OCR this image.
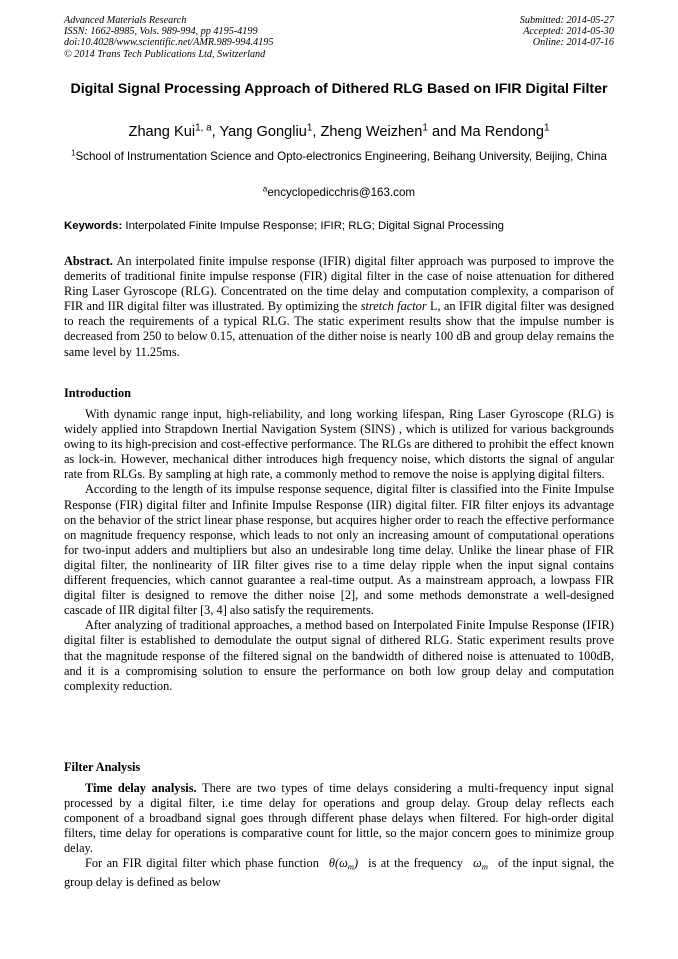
Advanced Materials Research
ISSN: 1662-8985, Vols. 989-994, pp 4195-4199
doi:10.4028/www.scientific.net/AMR.989-994.4195
© 2014 Trans Tech Publications Ltd, Switzerland
Submitted: 2014-05-27
Accepted: 2014-05-30
Online: 2014-07-16
Digital Signal Processing Approach of Dithered RLG Based on IFIR Digital Filter
Zhang Kui$^{1, a}$, Yang Gongliu$^1$, Zheng Weizhen$^1$ and Ma Rendong$^1$
$^1$School of Instrumentation Science and Opto-electronics Engineering, Beihang University, Beijing, China
$^a$encyclopedicchris@163.com
Keywords: Interpolated Finite Impulse Response; IFIR; RLG; Digital Signal Processing

Abstract. An interpolated finite impulse response (IFIR) digital filter approach was purposed to improve the demerits of traditional finite impulse response (FIR) digital filter in the case of noise attenuation for dithered Ring Laser Gyroscope (RLG). Concentrated on the time delay and computation complexity, a comparison of FIR and IIR digital filter was illustrated. By optimizing the stretch factor L, an IFIR digital filter was designed to reach the requirements of a typical RLG. The static experiment results show that the impulse number is decreased from 250 to below 0.15, attenuation of the dither noise is nearly 100 dB and group delay remains the same level by 11.25ms.

Introduction

With dynamic range input, high-reliability, and long working lifespan, Ring Laser Gyroscope (RLG) is widely applied into Strapdown Inertial Navigation System (SINS) , which is utilized for various backgrounds owing to its high-precision and cost-effective performance. The RLGs are dithered to prohibit the effect known as lock-in. However, mechanical dither introduces high frequency noise, which distorts the signal of angular rate from RLGs. By sampling at high rate, a commonly method to remove the noise is applying digital filters.

According to the length of its impulse response sequence, digital filter is classified into the Finite Impulse Response (FIR) digital filter and Infinite Impulse Response (IIR) digital filter. FIR filter enjoys its advantage on the behavior of the strict linear phase response, but acquires higher order to reach the effective performance on magnitude frequency response, which leads to not only an increasing amount of computational operations for two-input adders and multipliers but also an undesirable long time delay. Unlike the linear phase of FIR digital filter, the nonlinearity of IIR filter gives rise to a time delay ripple when the input signal contains different frequencies, which cannot guarantee a real-time output. As a mainstream approach, a lowpass FIR digital filter is designed to remove the dither noise [2], and some methods demonstrate a well-designed cascade of IIR digital filter [3, 4] also satisfy the requirements.

After analyzing of traditional approaches, a method based on Interpolated Finite Impulse Response (IFIR) digital filter is established to demodulate the output signal of dithered RLG. Static experiment results prove that the magnitude response of the filtered signal on the bandwidth of dithered noise is attenuated to 100dB, and it is a compromising solution to ensure the performance on both low group delay and computation complexity reduction.

Filter Analysis

Time delay analysis. There are two types of time delays considering a multi-frequency input signal processed by a digital filter, i.e time delay for operations and group delay. Group delay reflects each component of a broadband signal goes through different phase delays when filtered. For high-order digital filters, time delay for operations is comparative count for little, so the major concern goes to minimize group delay.

For an FIR digital filter which phase function $\theta(\omega_m)$ is at the frequency $\omega_m$ of the input signal, the group delay is defined as below
